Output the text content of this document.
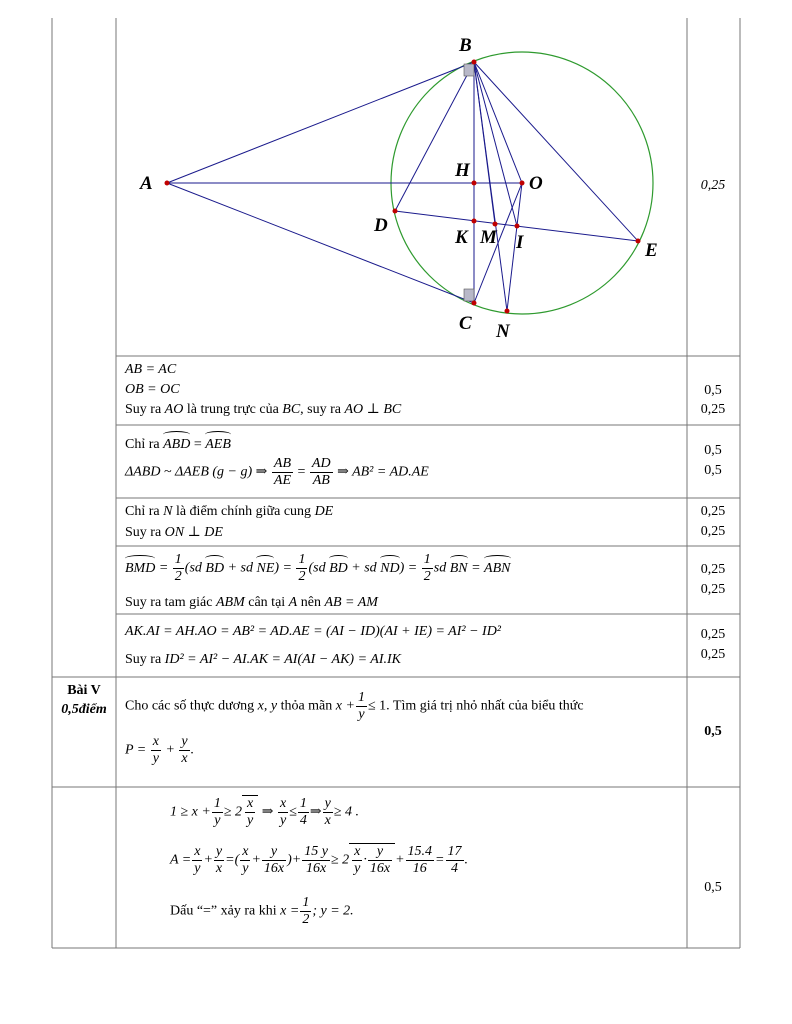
B
A
H
O
D
K M I	E
C N
0,25
AB = AC
OB = OC
Suy ra AO là trung trực của BC, suy ra AO ⊥ BC
0,5
0,25
Chỉ ra ABD = AEB
ΔABD ~ ΔAEB (g − g) ⇒ $\frac{AB}{AE} = \frac{AD}{AB}$ ⇒ AB² = AD.AE
0,5
0,5
Chỉ ra N là điểm chính giữa cung DE
Suy ra ON ⊥ DE
0,25
0,25
BMD = $\frac{1}{2} (sd$ BD + sd $NE) = \frac{1}{2} (sd$ BD + sd $ND) = \frac{1}{2}$ sd BN = ABN
Suy ra tam giác ABM cân tại A nên AB = AM
0,25
0,25
AK.AI = AH.AO = AB² = AD.AE = (AI − ID)(AI + IE) = AI² − ID²
Suy ra ID² = AI² − AI.AK = AI(AI − AK) = AI.IK
0,25
0,25
Bài V
0,5điểm	Cho các số thực dương x, y thỏa mãn $x + \frac{1}{y} \le 1$. Tìm giá trị nhỏ nhất của biểu thức
$P = \frac{x}{y} + \frac{y}{x}$ .
0,5
$1 \ge x + \frac{1}{y} \ge 2 \frac{x}{y}$ ⇒ $\frac{x}{y} \le \frac{1}{4}$ ⇒ $\frac{y}{x} \ge 4$ .
$A = \frac{x}{y} + \frac{y}{x}$ =( $\frac{x}{y} + \frac{y}{16x}$ )+ $\frac{15 y}{16x} \ge 2 \frac{x}{y} \cdot \frac{y}{16x} + \frac{15.4}{16} = \frac{17}{4}$ .
Dấu “=” xảy ra khi $x = \frac{1}{2}$ ; y = 2.
0,5
